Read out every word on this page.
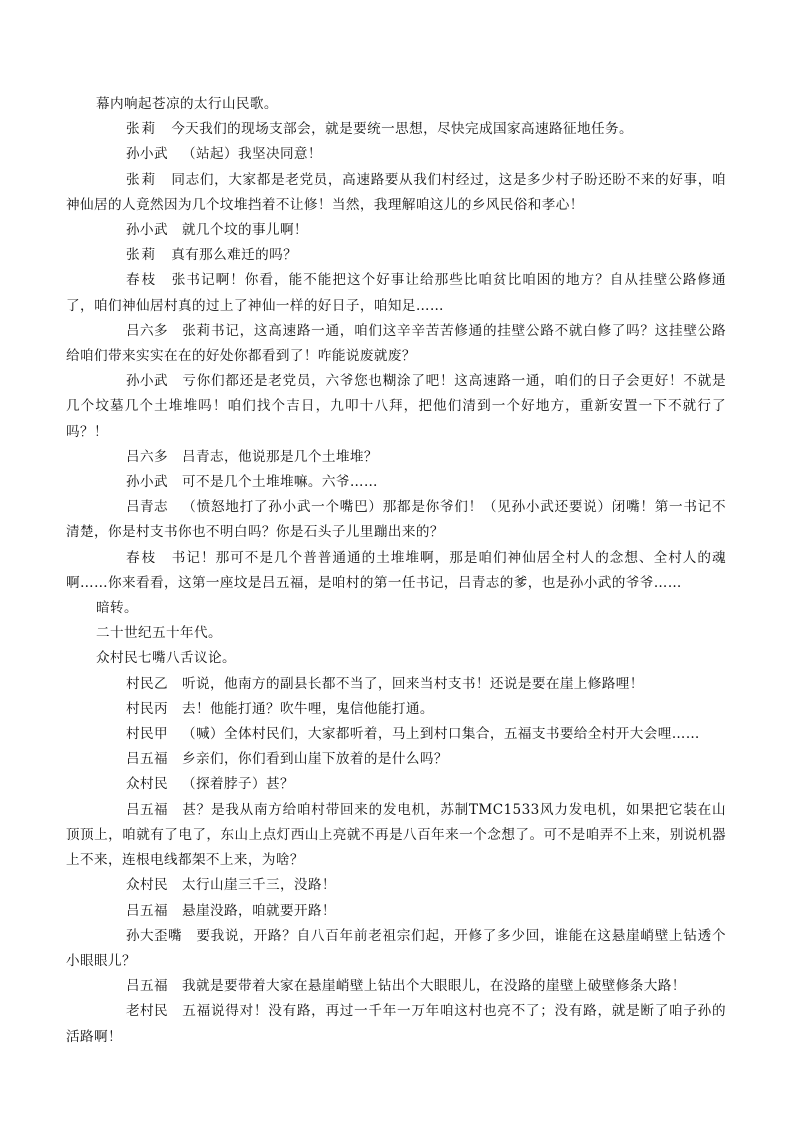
幕内响起苍凉的太行山民歌。

张莉 今天我们的现场支部会，就是要统一思想，尽快完成国家高速路征地任务。

孙小武 （站起）我坚决同意！

张莉 同志们，大家都是老党员，高速路要从我们村经过，这是多少村子盼还盼不来的好事，咱神仙居的人竟然因为几个坟堆挡着不让修！当然，我理解咱这儿的乡风民俗和孝心！

孙小武 就几个坟的事儿啊！

张莉 真有那么难迁的吗？

春枝 张书记啊！你看，能不能把这个好事让给那些比咱贫比咱困的地方？自从挂壁公路修通了，咱们神仙居村真的过上了神仙一样的好日子，咱知足……

吕六多 张莉书记，这高速路一通，咱们这辛辛苦苦修通的挂壁公路不就白修了吗？这挂壁公路给咱们带来实实在在的好处你都看到了！咋能说废就废？

孙小武 亏你们都还是老党员，六爷您也糊涂了吧！这高速路一通，咱们的日子会更好！不就是几个坟墓几个土堆堆吗！咱们找个吉日，九叩十八拜，把他们清到一个好地方，重新安置一下不就行了吗？！

吕六多 吕青志，他说那是几个土堆堆？

孙小武 可不是几个土堆堆嘛。六爷……

吕青志 （愤怒地打了孙小武一个嘴巴）那都是你爷们！（见孙小武还要说）闭嘴！第一书记不清楚，你是村支书你也不明白吗？你是石头子儿里蹦出来的？

春枝 书记！那可不是几个普普通通的土堆堆啊，那是咱们神仙居全村人的念想、全村人的魂啊……你来看看，这第一座坟是吕五福，是咱村的第一任书记，吕青志的爹，也是孙小武的爷爷……

暗转。

二十世纪五十年代。

众村民七嘴八舌议论。

村民乙 听说，他南方的副县长都不当了，回来当村支书！还说是要在崖上修路哩！

村民丙 去！他能打通？吹牛哩，鬼信他能打通。

村民甲 （喊）全体村民们，大家都听着，马上到村口集合，五福支书要给全村开大会哩……

吕五福 乡亲们，你们看到山崖下放着的是什么吗？

众村民 （探着脖子）甚？

吕五福 甚？是我从南方给咱村带回来的发电机，苏制TMC1533风力发电机，如果把它装在山顶顶上，咱就有了电了，东山上点灯西山上亮就不再是八百年来一个念想了。可不是咱弄不上来，别说机器上不来，连根电线都架不上来，为啥？

众村民 太行山崖三千三，没路！

吕五福 悬崖没路，咱就要开路！

孙大歪嘴 要我说，开路？自八百年前老祖宗们起，开修了多少回，谁能在这悬崖峭壁上钻透个小眼眼儿？

吕五福 我就是要带着大家在悬崖峭壁上钻出个大眼眼儿，在没路的崖壁上破壁修条大路！

老村民 五福说得对！没有路，再过一千年一万年咱这村也亮不了；没有路，就是断了咱子孙的活路啊！
